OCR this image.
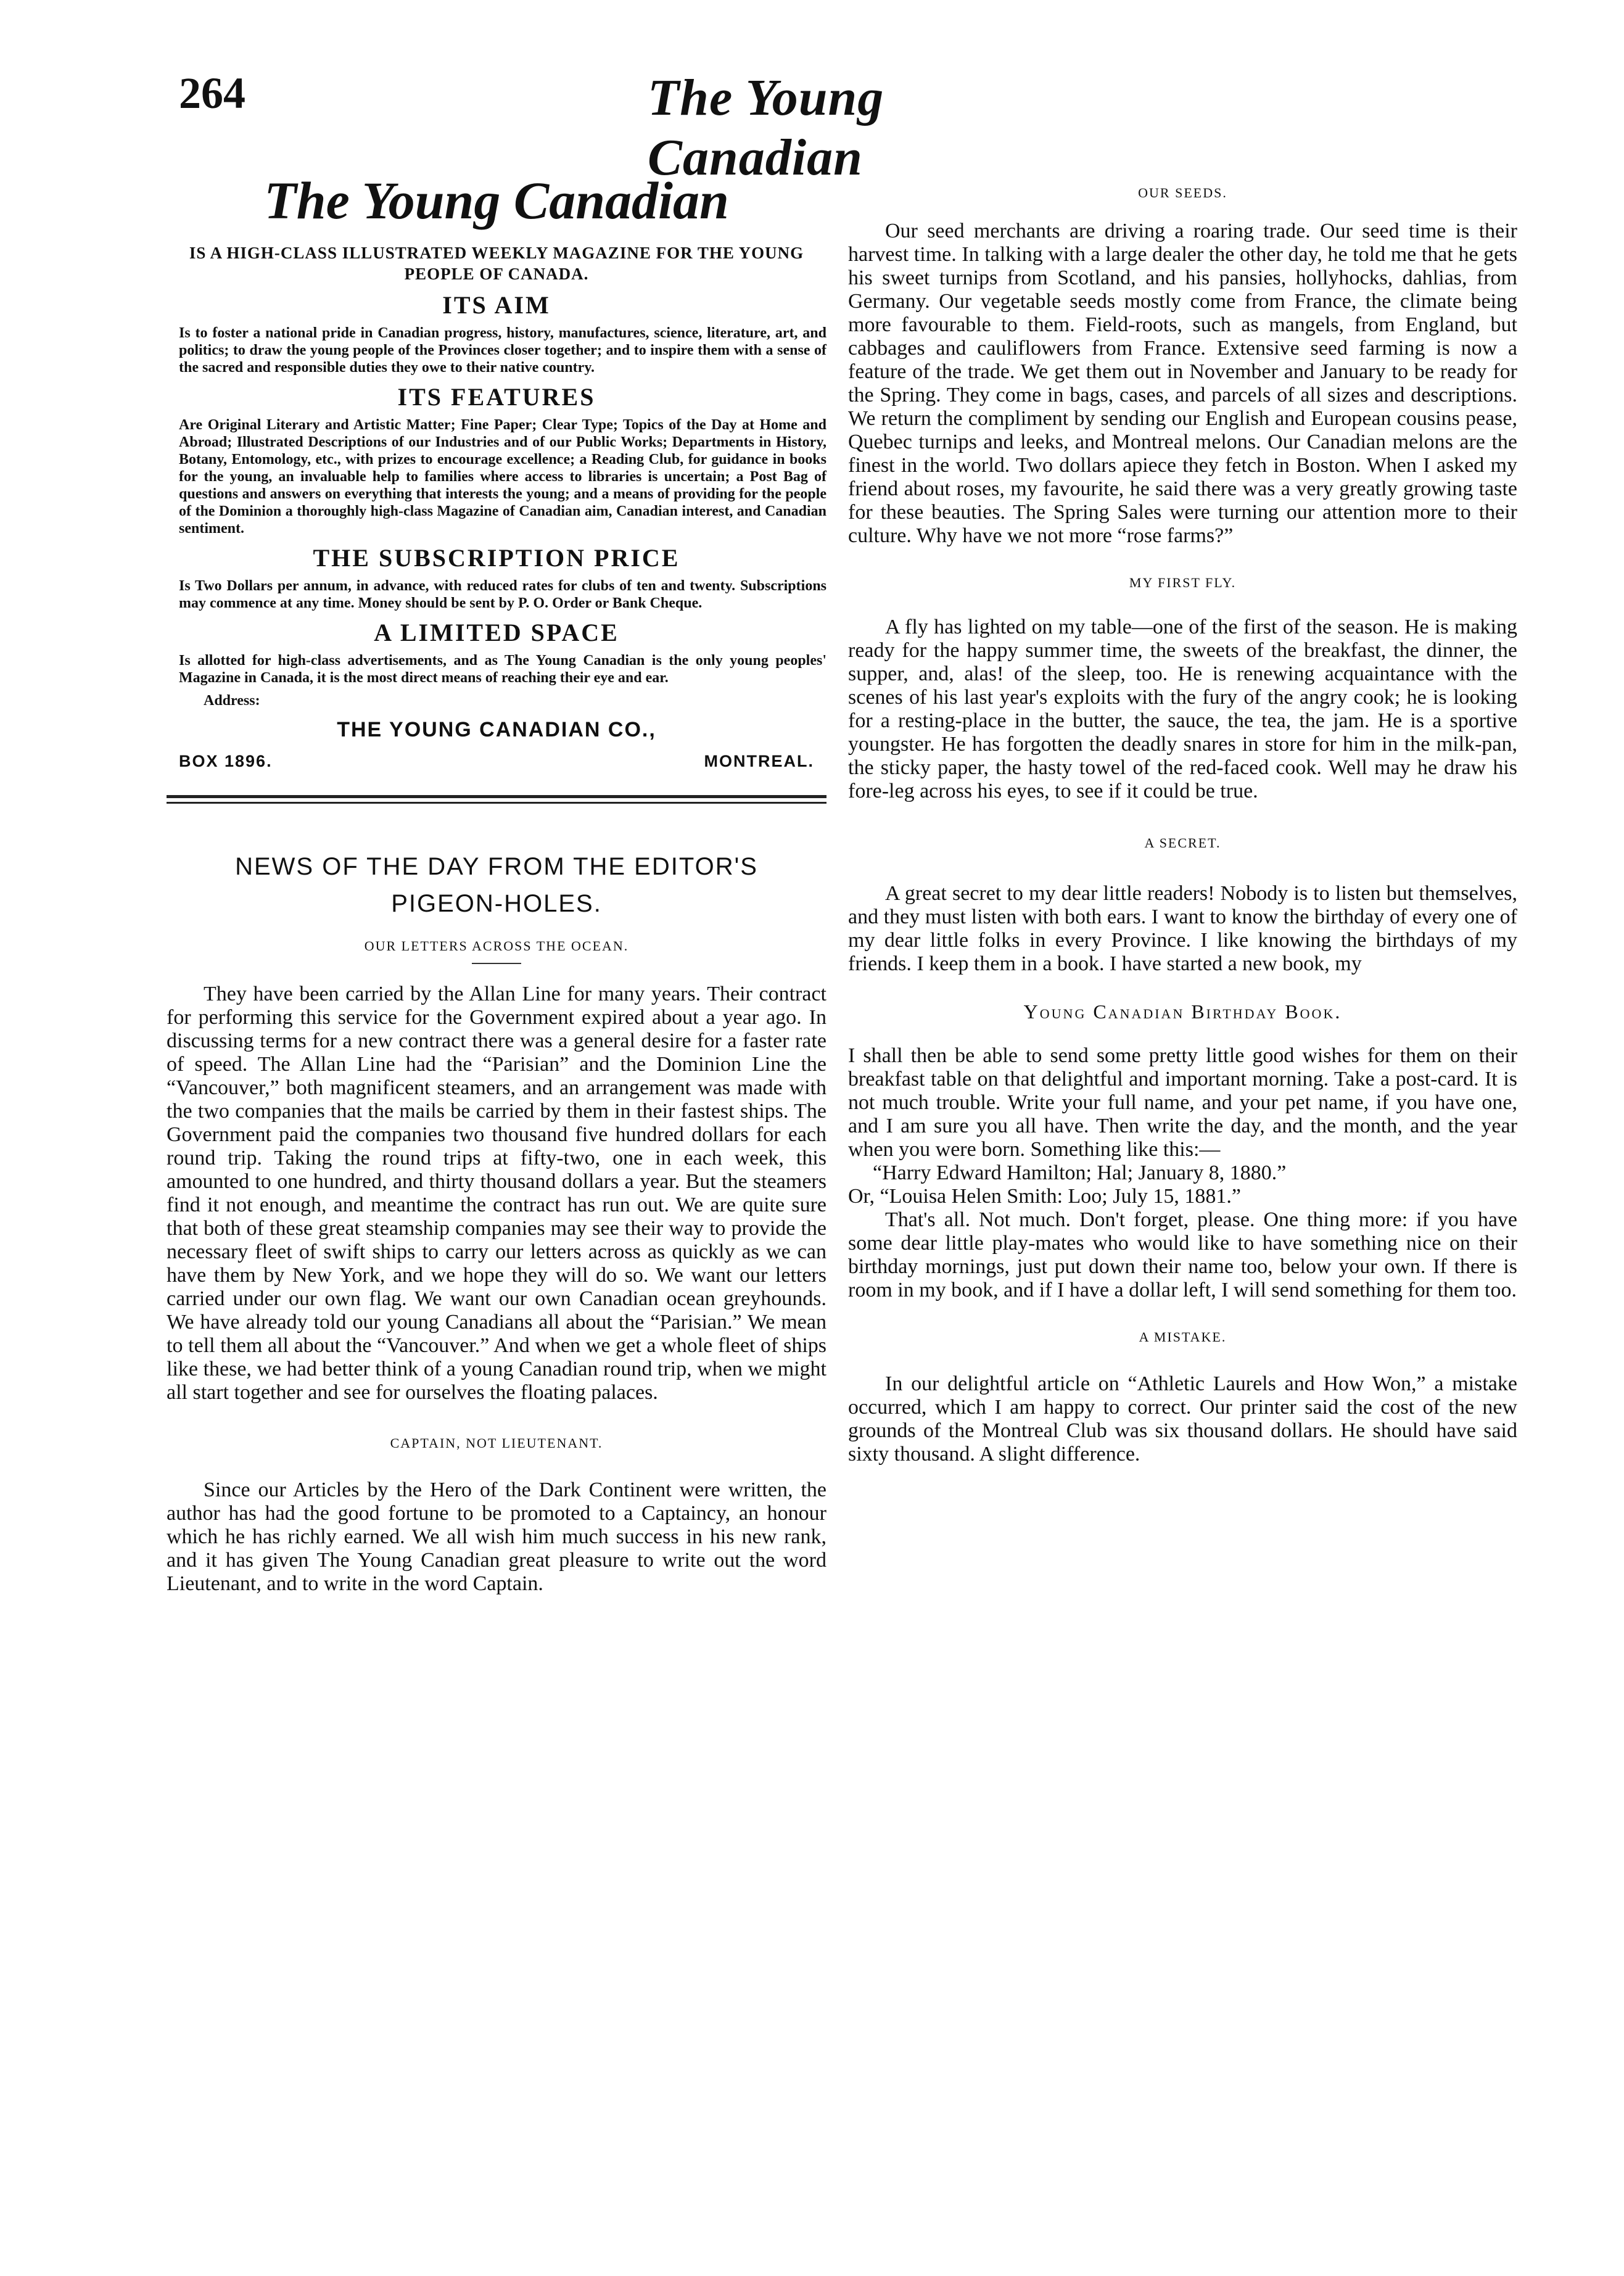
264	The Young Canadian
The Young Canadian
IS A HIGH-CLASS ILLUSTRATED WEEKLY MAGAZINE FOR THE YOUNG PEOPLE OF CANADA.
ITS AIM

Is to foster a national pride in Canadian progress, history, manufactures, science, literature, art, and politics; to draw the young people of the Provinces closer together; and to inspire them with a sense of the sacred and responsible duties they owe to their native country.

ITS FEATURES

Are Original Literary and Artistic Matter; Fine Paper; Clear Type; Topics of the Day at Home and Abroad; Illustrated Descriptions of our Industries and of our Public Works; Departments in History, Botany, Entomology, etc., with prizes to encourage excellence; a Reading Club, for guidance in books for the young, an invaluable help to families where access to libraries is uncertain; a Post Bag of questions and answers on everything that interests the young; and a means of providing for the people of the Dominion a thoroughly high-class Magazine of Canadian aim, Canadian interest, and Canadian sentiment.

THE SUBSCRIPTION PRICE

Is Two Dollars per annum, in advance, with reduced rates for clubs of ten and twenty. Subscriptions may commence at any time. Money should be sent by P. O. Order or Bank Cheque.

A LIMITED SPACE

Is allotted for high-class advertisements, and as The Young Canadian is the only young peoples' Magazine in Canada, it is the most direct means of reaching their eye and ear.

Address:
THE YOUNG CANADIAN CO.,
BOX 1896.	MONTREAL.
NEWS OF THE DAY FROM THE EDITOR'S PIGEON-HOLES.
OUR LETTERS ACROSS THE OCEAN.

They have been carried by the Allan Line for many years. Their contract for performing this service for the Government expired about a year ago. In discussing terms for a new contract there was a general desire for a faster rate of speed. The Allan Line had the “Parisian” and the Dominion Line the “Vancouver,” both magnificent steamers, and an arrangement was made with the two companies that the mails be carried by them in their fastest ships. The Government paid the companies two thousand five hundred dollars for each round trip. Taking the round trips at fifty-two, one in each week, this amounted to one hundred, and thirty thousand dollars a year. But the steamers find it not enough, and meantime the contract has run out. We are quite sure that both of these great steamship companies may see their way to provide the necessary fleet of swift ships to carry our letters across as quickly as we can have them by New York, and we hope they will do so. We want our letters carried under our own flag. We want our own Canadian ocean greyhounds. We have already told our young Canadians all about the “Parisian.” We mean to tell them all about the “Vancouver.” And when we get a whole fleet of ships like these, we had better think of a young Canadian round trip, when we might all start together and see for ourselves the floating palaces.

CAPTAIN, NOT LIEUTENANT.

Since our Articles by the Hero of the Dark Continent were written, the author has had the good fortune to be promoted to a Captaincy, an honour which he has richly earned. We all wish him much success in his new rank, and it has given The Young Canadian great pleasure to write out the word Lieutenant, and to write in the word Captain.

OUR SEEDS.

Our seed merchants are driving a roaring trade. Our seed time is their harvest time. In talking with a large dealer the other day, he told me that he gets his sweet turnips from Scotland, and his pansies, hollyhocks, dahlias, from Germany. Our vegetable seeds mostly come from France, the climate being more favourable to them. Field-roots, such as mangels, from England, but cabbages and cauliflowers from France. Extensive seed farming is now a feature of the trade. We get them out in November and January to be ready for the Spring. They come in bags, cases, and parcels of all sizes and descriptions. We return the compliment by sending our English and European cousins pease, Quebec turnips and leeks, and Montreal melons. Our Canadian melons are the finest in the world. Two dollars apiece they fetch in Boston. When I asked my friend about roses, my favourite, he said there was a very greatly growing taste for these beauties. The Spring Sales were turning our attention more to their culture. Why have we not more “rose farms?”

MY FIRST FLY.

A fly has lighted on my table—one of the first of the season. He is making ready for the happy summer time, the sweets of the breakfast, the dinner, the supper, and, alas! of the sleep, too. He is renewing acquaintance with the scenes of his last year's exploits with the fury of the angry cook; he is looking for a resting-place in the butter, the sauce, the tea, the jam. He is a sportive youngster. He has forgotten the deadly snares in store for him in the milk-pan, the sticky paper, the hasty towel of the red-faced cook. Well may he draw his fore-leg across his eyes, to see if it could be true.

A SECRET.

A great secret to my dear little readers! Nobody is to listen but themselves, and they must listen with both ears. I want to know the birthday of every one of my dear little folks in every Province. I like knowing the birthdays of my friends. I keep them in a book. I have started a new book, my

Young Canadian Birthday Book.

I shall then be able to send some pretty little good wishes for them on their breakfast table on that delightful and important morning. Take a post-card. It is not much trouble. Write your full name, and your pet name, if you have one, and I am sure you all have. Then write the day, and the month, and the year when you were born. Something like this:—

“Harry Edward Hamilton; Hal; January 8, 1880.”

Or, “Louisa Helen Smith: Loo; July 15, 1881.”

That's all. Not much. Don't forget, please. One thing more: if you have some dear little play-mates who would like to have something nice on their birthday mornings, just put down their name too, below your own. If there is room in my book, and if I have a dollar left, I will send something for them too.

A MISTAKE.

In our delightful article on “Athletic Laurels and How Won,” a mistake occurred, which I am happy to correct. Our printer said the cost of the new grounds of the Montreal Club was six thousand dollars. He should have said sixty thousand. A slight difference.
